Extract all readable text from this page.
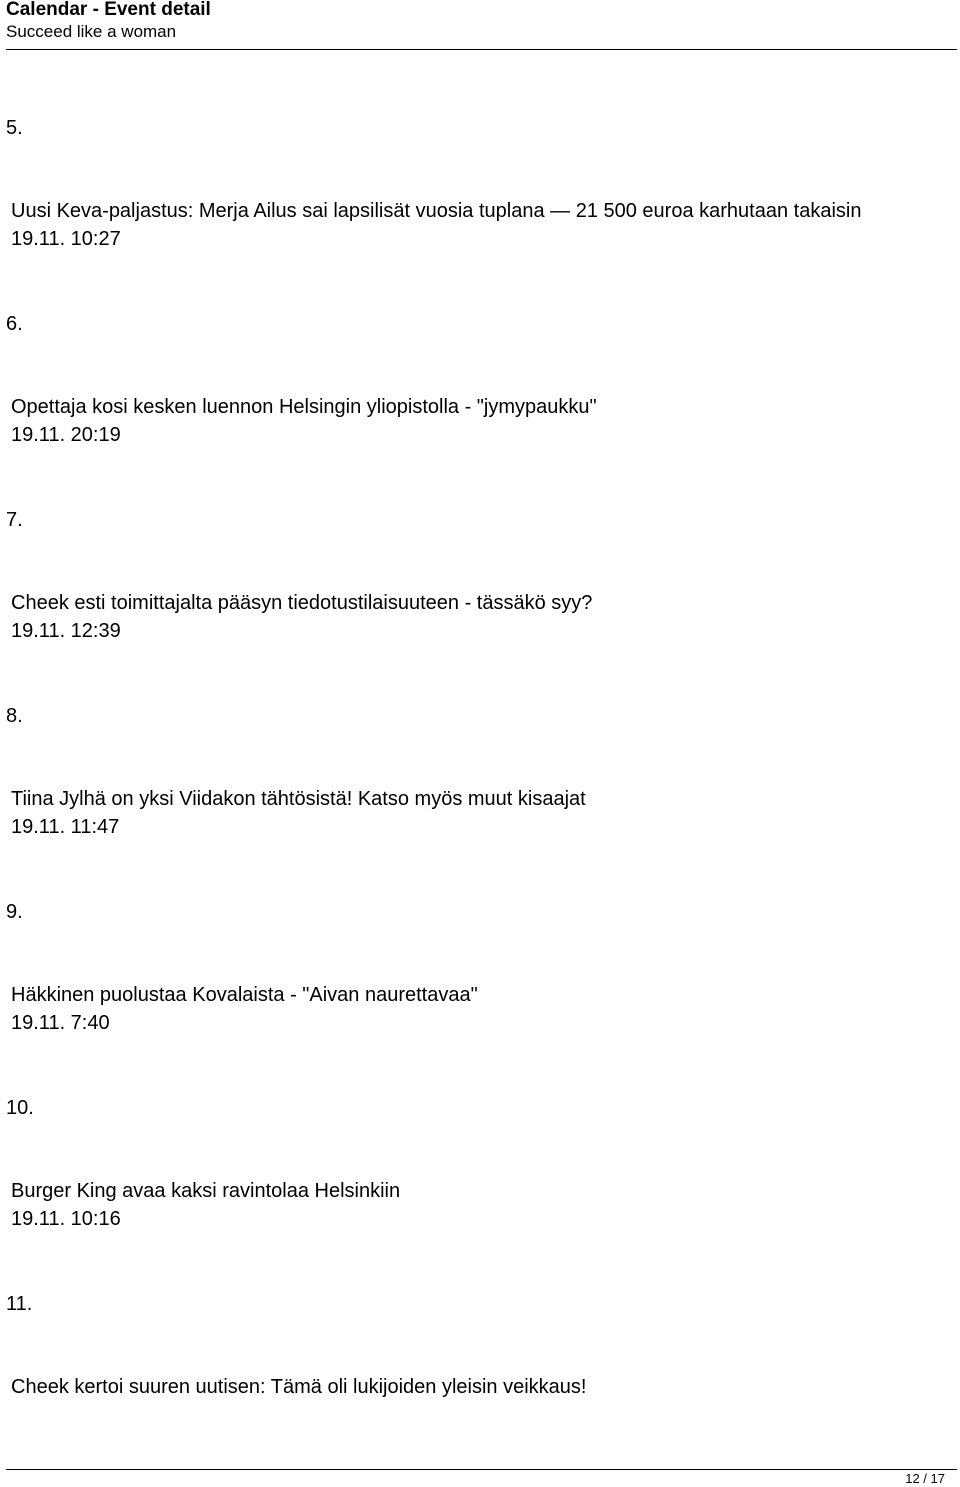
Calendar - Event detail
Succeed like a woman
5.
Uusi Keva-paljastus: Merja Ailus sai lapsilisät vuosia tuplana — 21 500 euroa karhutaan takaisin
19.11. 10:27
6.
Opettaja kosi kesken luennon Helsingin yliopistolla - "jymypaukku"
19.11. 20:19
7.
Cheek esti toimittajalta pääsyn tiedotustilaisuuteen - tässäkö syy?
19.11. 12:39
8.
Tiina Jylhä on yksi Viidakon tähtösistä! Katso myös muut kisaajat
19.11. 11:47
9.
Häkkinen puolustaa Kovalaista - "Aivan naurettavaa"
19.11. 7:40
10.
Burger King avaa kaksi ravintolaa Helsinkiin
19.11. 10:16
11.
Cheek kertoi suuren uutisen: Tämä oli lukijoiden yleisin veikkaus!
12 / 17
